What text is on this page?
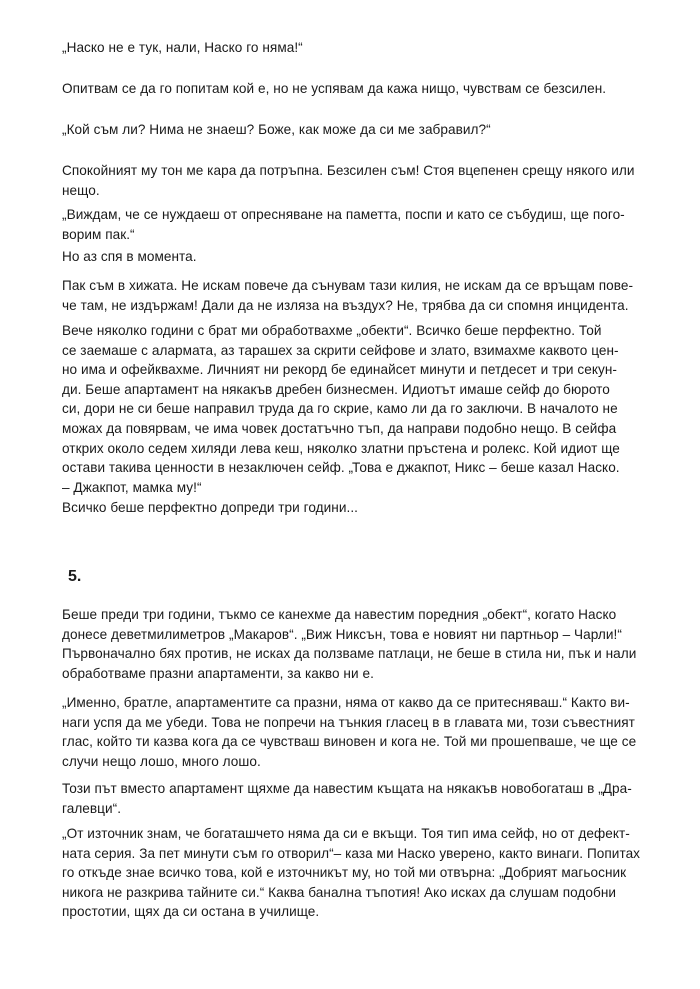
„Наско не е тук, нали, Наско го няма!“

Опитвам се да го попитам кой е, но не успявам да кажа нищо, чувствам се безсилен.

„Кой съм ли? Нима не знаеш? Боже, как може да си ме забравил?“

Спокойният му тон ме кара да потръпна. Безсилен съм! Стоя вцепенен срещу някого или
нещо.

„Виждам, че се нуждаеш от опресняване на паметта, поспи и като се събудиш, ще пого-
ворим пак.“

Но аз спя в момента.

Пак съм в хижата. Не искам повече да сънувам тази килия, не искам да се връщам пове-
че там, не издържам! Дали да не изляза на въздух? Не, трябва да си спомня инцидента.

Вече няколко години с брат ми обработвахме „обекти“. Всичко беше перфектно. Той
се заемаше с алармата, аз тарашех за скрити сейфове и злато, взимахме каквото цен-
но има и офейквахме. Личният ни рекорд бе единайсет минути и петдесет и три секун-
ди. Беше апартамент на някакъв дребен бизнесмен. Идиотът имаше сейф до бюрото
си, дори не си беше направил труда да го скрие, камо ли да го заключи. В началото не
можах да повярвам, че има човек достатъчно тъп, да направи подобно нещо. В сейфа
открих около седем хиляди лева кеш, няколко златни пръстена и ролекс. Кой идиот ще
остави такива ценности в незаключен сейф. „Това е джакпот, Никс – беше казал Наско.
– Джакпот, мамка му!“

Всичко беше перфектно допреди три години...

5.

Беше преди три години, тъкмо се канехме да навестим поредния „обект“, когато Наско
донесе деветмилиметров „Макаров“. „Виж Никсън, това е новият ни партньор – Чарли!“
Първоначално бях против, не исках да ползваме патлаци, не беше в стила ни, пък и нали
обработваме празни апартаменти, за какво ни е.

„Именно, братле, апартаментите са празни, няма от какво да се притесняваш.“ Както ви-
наги успя да ме убеди. Това не попречи на тънкия гласец в в главата ми, този съвестният
глас, който ти казва кога да се чувстваш виновен и кога не. Той ми прошепваше, че ще се
случи нещо лошо, много лошо.

Този път вместо апартамент щяхме да навестим къщата на някакъв новобогаташ в „Дра-
галевци“.

„От източник знам, че богаташчето няма да си е вкъщи. Тоя тип има сейф, но от дефект-
ната серия. За пет минути съм го отворил“– каза ми Наско уверено, както винаги. Попитах
го откъде знае всичко това, кой е източникът му, но той ми отвърна: „Добрият магьосник
никога не разкрива тайните си.“ Каква банална тъпотия! Ако исках да слушам подобни
простотии, щях да си остана в училище.
